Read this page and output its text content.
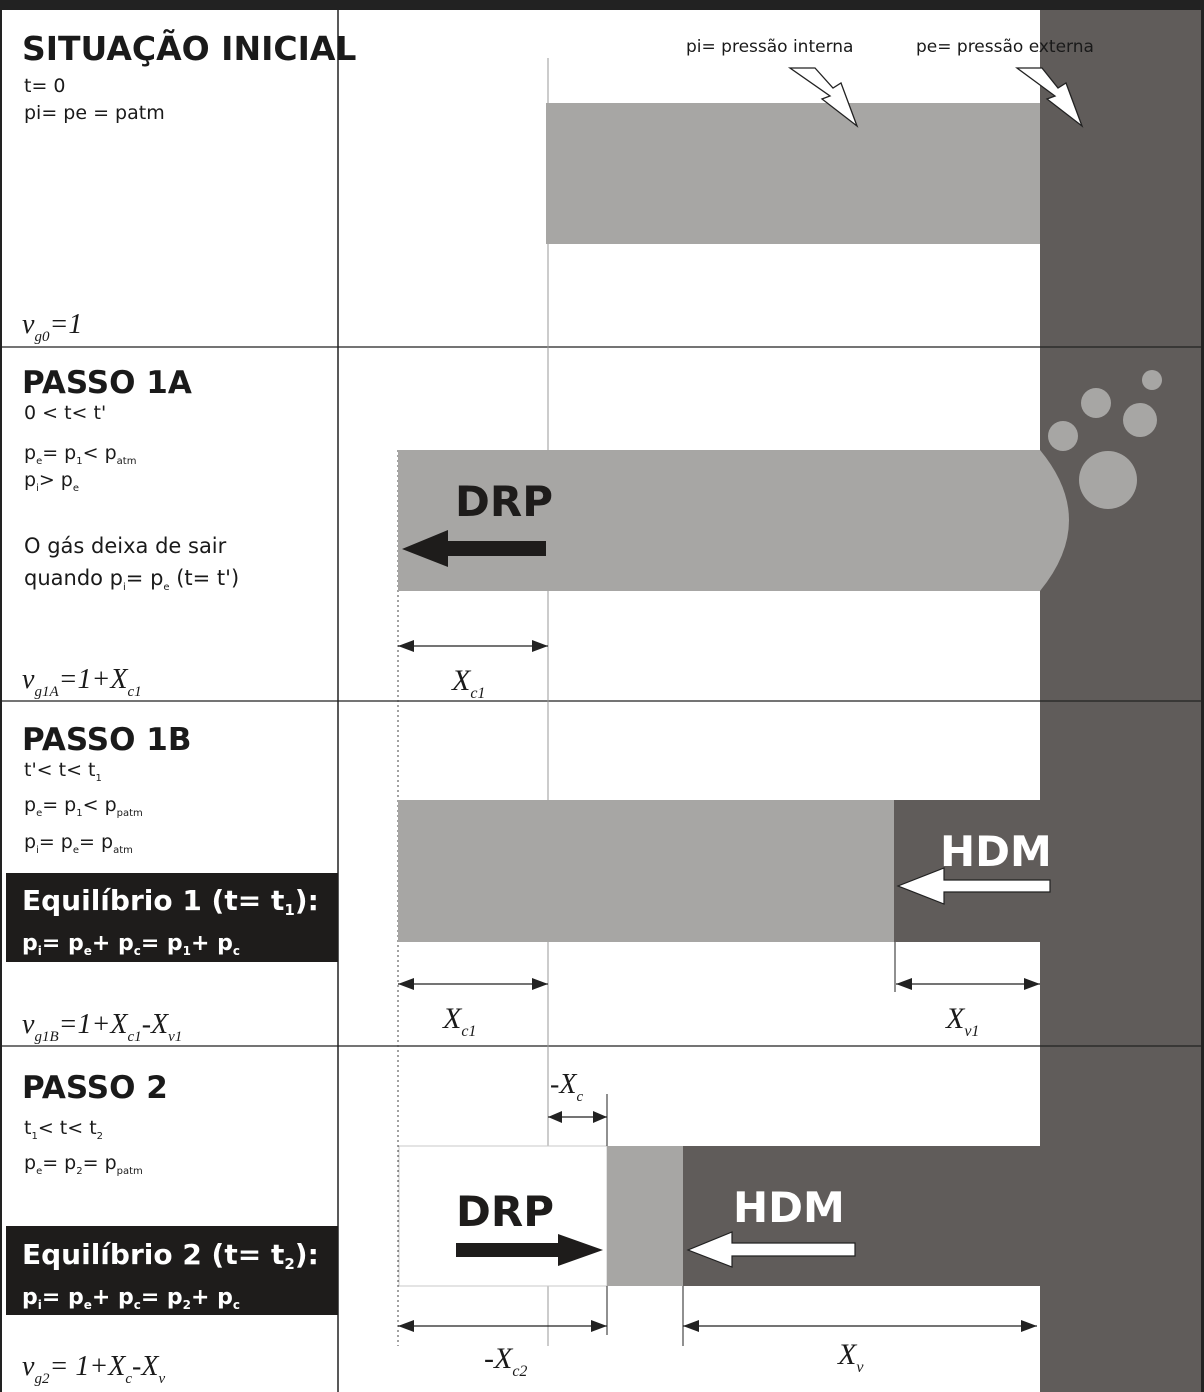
SITUAÇÃO INICIAL
t= 0
pi= pe = patm
$v_{g0}=1$
pi= pressão interna	pe= pressão externa
PASSO 1A
0 < t< t'
$p_e= p_1< p_{atm}$
$p_i> p_e$
O gás deixa de sair
quando $p_i= p_e$ (t= t')
$v_{g1A}=1+X_{c1}$
DRP
$X_{c1}$
PASSO 1B
$t'< t< t_1$
$p_e= p_1< p_{patm}$
$p_i= p_e= p_{atm}$
Equilíbrio 1 (t= t1):
$p_i= p_e+ p_c= p_1+ p_c$
$v_{g1B}=1+X_{c1}-X_{v1}$
HDM
$X_{c1}$	$X_{v1}$
PASSO 2
$t_1< t< t_2$
$p_e= p_2= p_{patm}$
Equilíbrio 2 (t= t2):
$p_i= p_e+ p_c= p_2+ p_c$
$v_{g2}= 1+X_c-X_v$
DRP	HDM
$-X_c$
$-X_{c2}$
$X_v$
